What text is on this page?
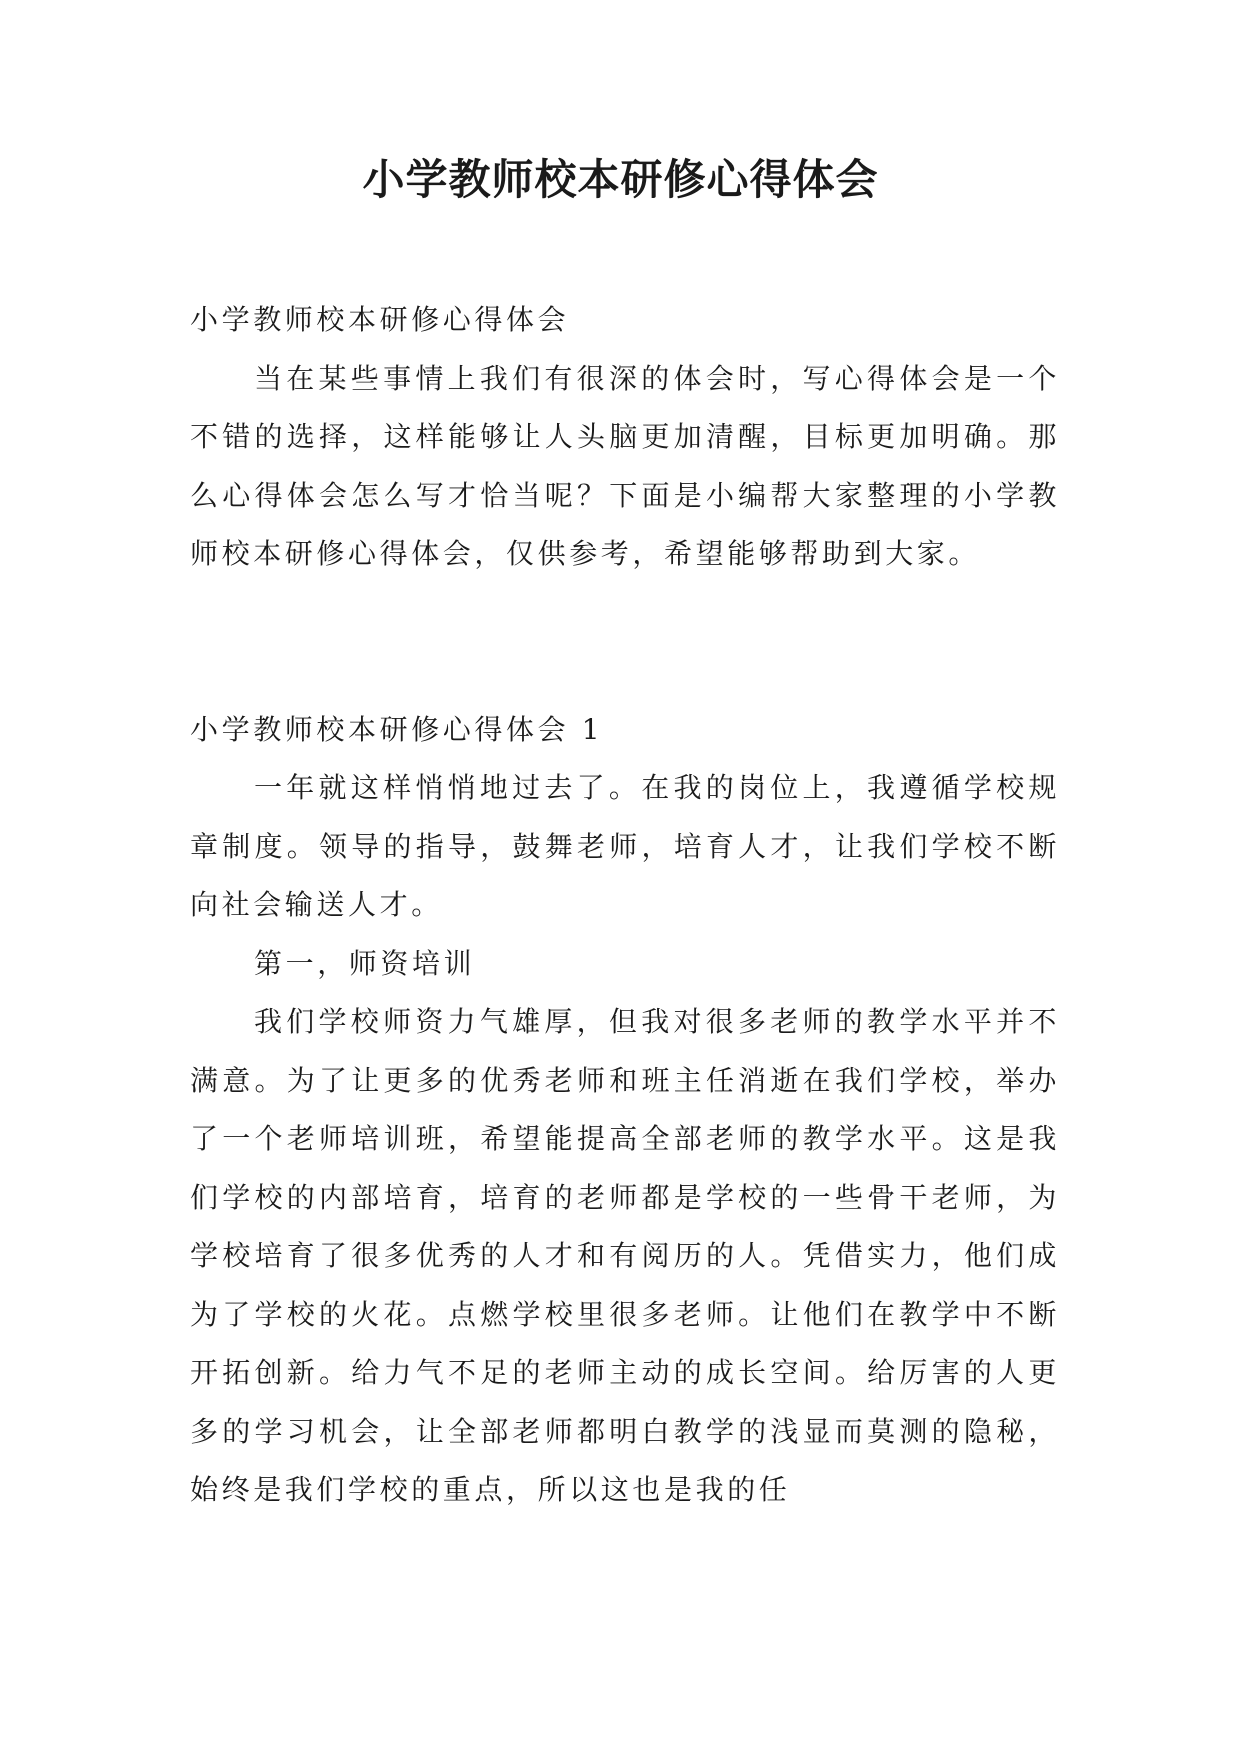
小学教师校本研修心得体会

小学教师校本研修心得体会

当在某些事情上我们有很深的体会时，写心得体会是一个不错的选择，这样能够让人头脑更加清醒，目标更加明确。那么心得体会怎么写才恰当呢？下面是小编帮大家整理的小学教师校本研修心得体会，仅供参考，希望能够帮助到大家。

小学教师校本研修心得体会 1

一年就这样悄悄地过去了。在我的岗位上，我遵循学校规章制度。领导的指导，鼓舞老师，培育人才，让我们学校不断向社会输送人才。

第一，师资培训

我们学校师资力气雄厚，但我对很多老师的教学水平并不满意。为了让更多的优秀老师和班主任消逝在我们学校，举办了一个老师培训班，希望能提高全部老师的教学水平。这是我们学校的内部培育，培育的老师都是学校的一些骨干老师，为学校培育了很多优秀的人才和有阅历的人。凭借实力，他们成为了学校的火花。点燃学校里很多老师。让他们在教学中不断开拓创新。给力气不足的老师主动的成长空间。给厉害的人更多的学习机会，让全部老师都明白教学的浅显而莫测的隐秘，始终是我们学校的重点，所以这也是我的任
